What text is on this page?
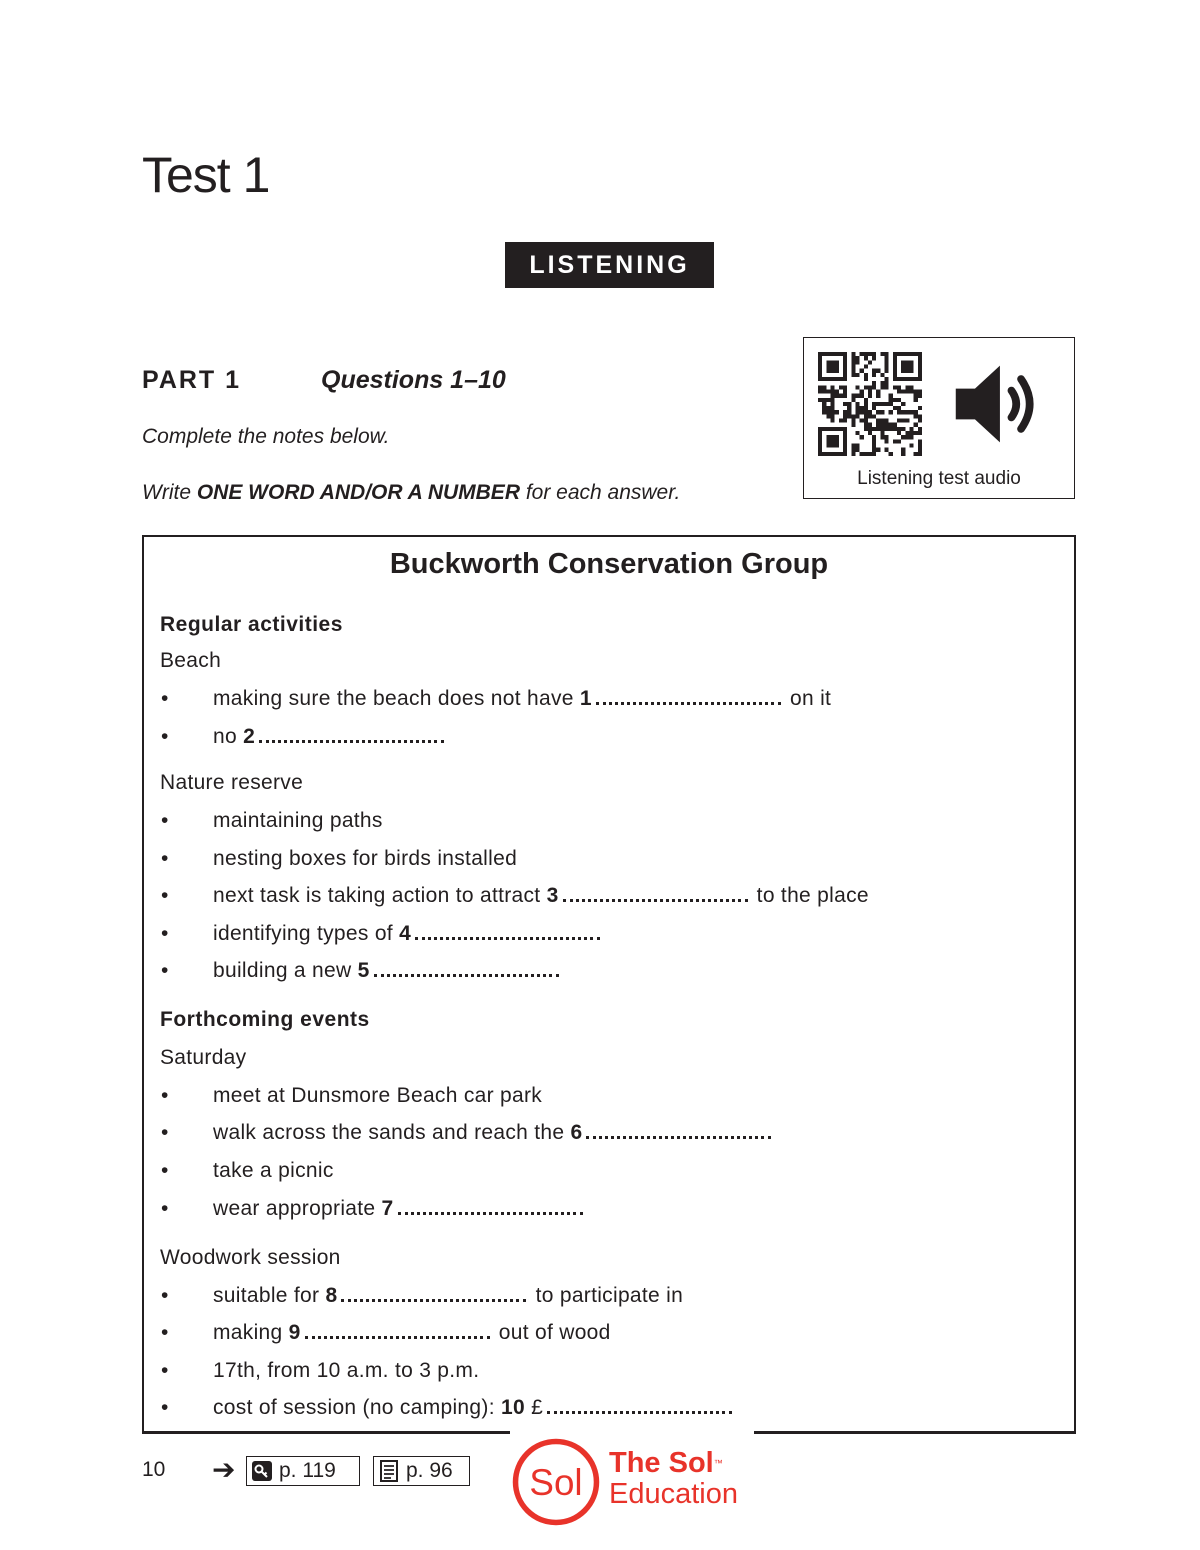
Test 1
LISTENING
PART 1	Questions 1–10
Complete the notes below.
Write ONE WORD AND/OR A NUMBER for each answer.
Listening test audio
Buckworth Conservation Group
Regular activities
Beach
• making sure the beach does not have 1	on it
• no 2
Nature reserve
• maintaining paths
• nesting boxes for birds installed
• next task is taking action to attract 3	to the place
• identifying types of 4
• building a new 5
Forthcoming events
Saturday
• meet at Dunsmore Beach car park
• walk across the sands and reach the 6
• take a picnic
• wear appropriate 7
Woodwork session
• suitable for 8	to participate in
• making 9	out of wood
• 17th, from 10 a.m. to 3 p.m.
• cost of session (no camping): 10 £
10 ➔ p. 119	p. 96 Sol The Sol™
Education
